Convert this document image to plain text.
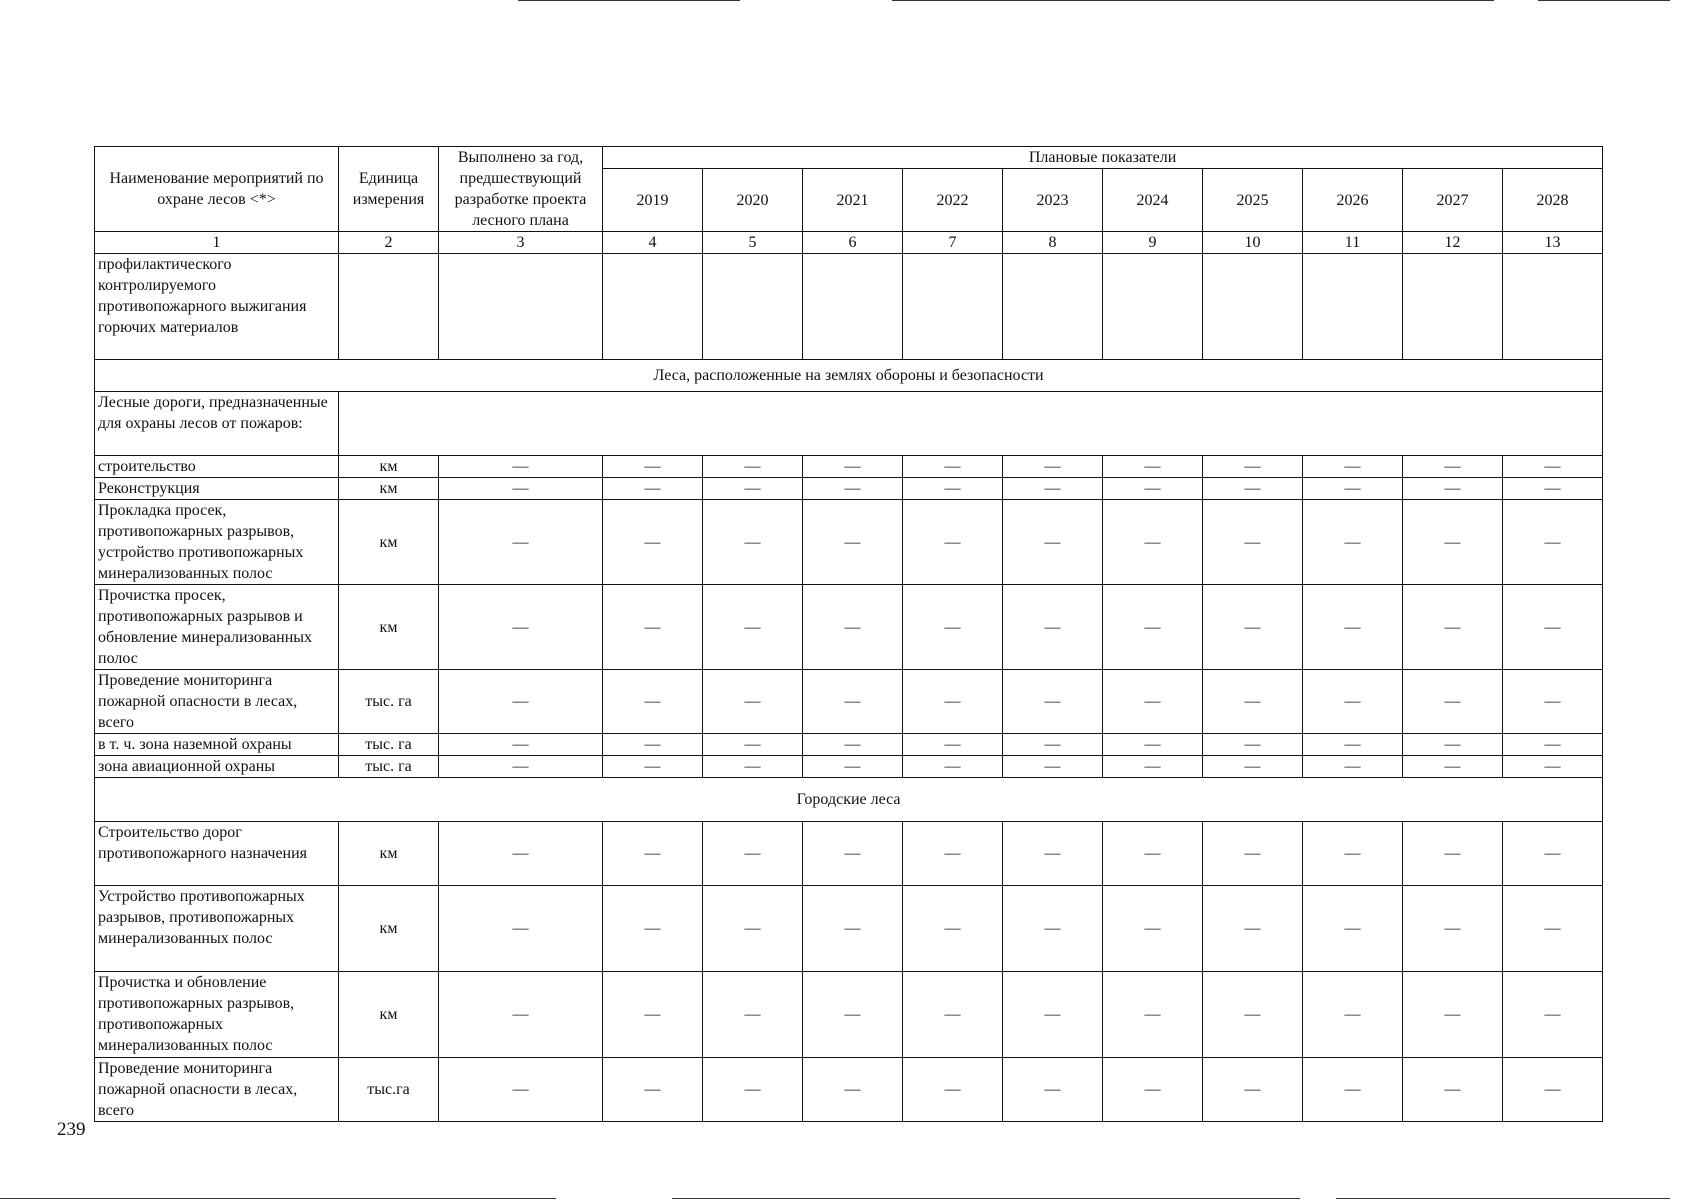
Наименование мероприятий по охране лесов <*>	Единица измерения	Выполнено за год, предшествующий разработке проекта лесного плана	Плановые показатели									
			2019	2020	2021	2022	2023	2024	2025	2026	2027	2028
1	2	3	4	5	6	7	8	9	10	11	12	13
профилактического контролируемого противопожарного выжигания горючих материалов												
Леса, расположенные на землях обороны и безопасности												
Лесные дороги, предназначенные для охраны лесов от пожаров:												
строительство	км	—	—	—	—	—	—	—	—	—	—	—
Реконструкция	км	—	—	—	—	—	—	—	—	—	—	—
Прокладка просек, противопожарных разрывов, устройство противопожарных минерализованных полос	км	—	—	—	—	—	—	—	—	—	—	—
Прочистка просек, противопожарных разрывов и обновление минерализованных полос	км	—	—	—	—	—	—	—	—	—	—	—
Проведение мониторинга пожарной опасности в лесах, всего	тыс. га	—	—	—	—	—	—	—	—	—	—	—
в т. ч. зона наземной охраны	тыс. га	—	—	—	—	—	—	—	—	—	—	—
зона авиационной охраны	тыс. га	—	—	—	—	—	—	—	—	—	—	—
Городские леса												
Строительство дорог противопожарного назначения	км	—	—	—	—	—	—	—	—	—	—	—
Устройство противопожарных разрывов, противопожарных минерализованных полос	км	—	—	—	—	—	—	—	—	—	—	—
Прочистка и обновление противопожарных разрывов, противопожарных минерализованных полос	км	—	—	—	—	—	—	—	—	—	—	—
Проведение мониторинга пожарной опасности в лесах, всего	тыс.га	—	—	—	—	—	—	—	—	—	—	—
239
